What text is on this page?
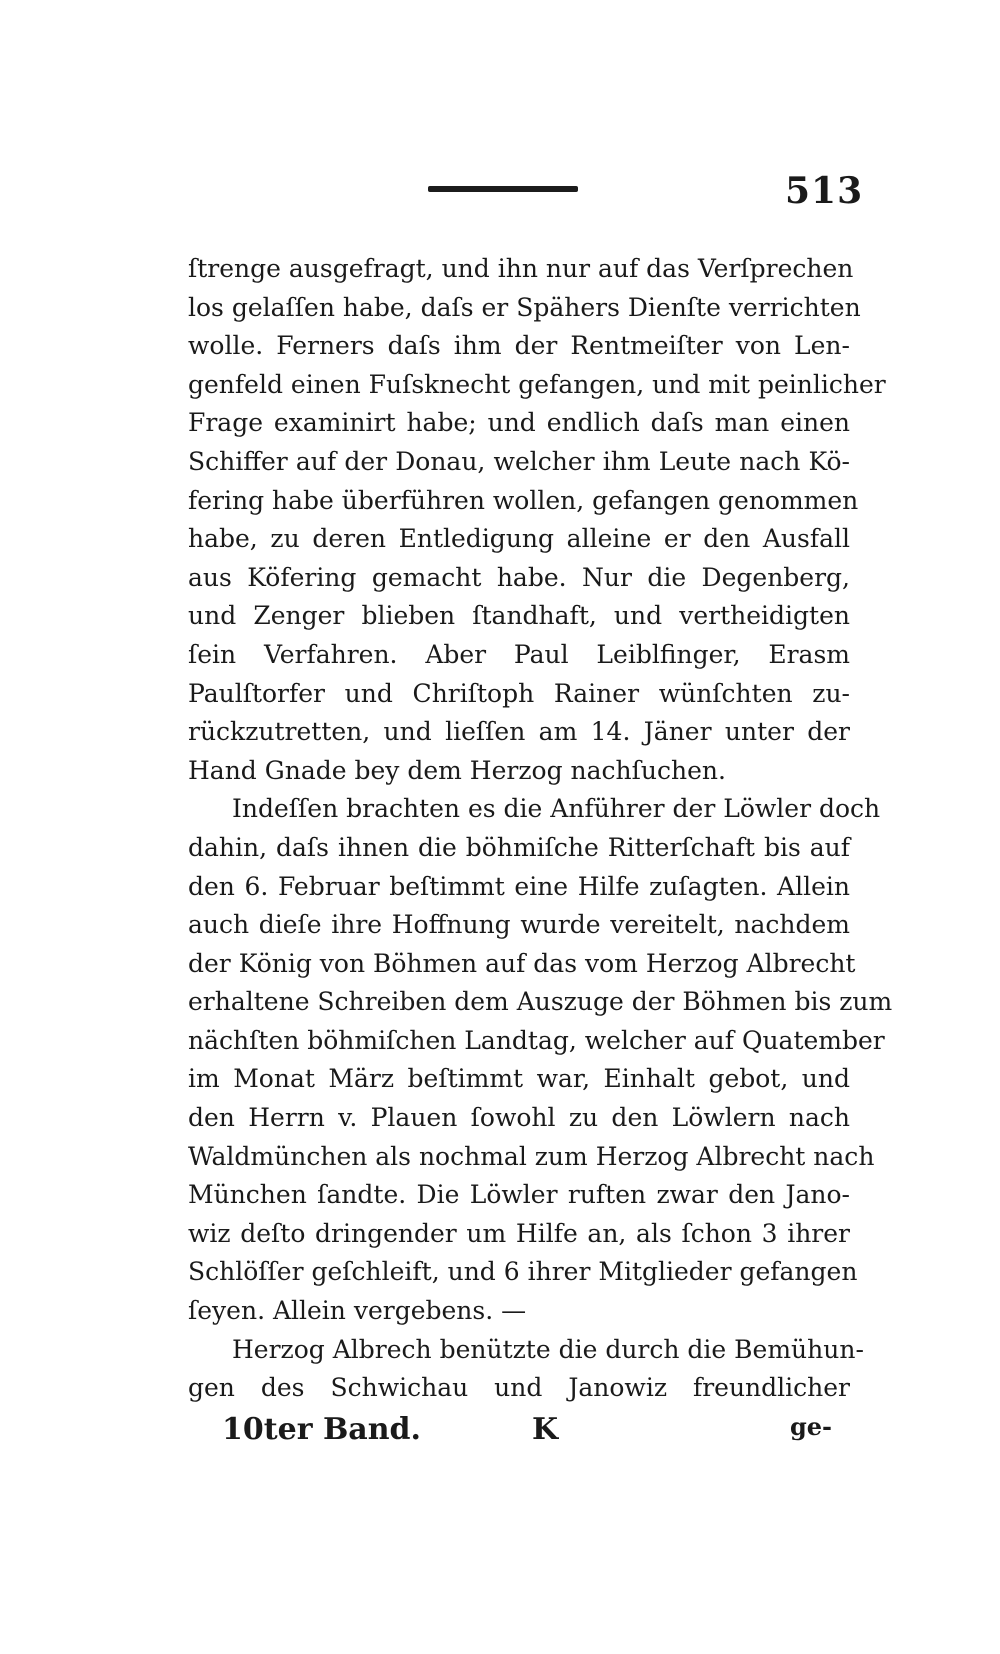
513
ſtrenge ausgefragt, und ihn nur auf das Verſprechen
los gelaſſen habe, daſs er Spähers Dienſte verrichten
wolle. Ferners daſs ihm der Rentmeiſter von Len-
genfeld einen Fuſsknecht gefangen, und mit peinlicher
Frage examinirt habe; und endlich daſs man einen
Schiffer auf der Donau, welcher ihm Leute nach Kö-
fering habe überführen wollen, gefangen genommen
habe, zu deren Entledigung alleine er den Ausfall
aus Köfering gemacht habe. Nur die Degenberg,
und Zenger blieben ſtandhaft, und vertheidigten
ſein Verfahren. Aber Paul Leiblfinger, Erasm
Paulſtorfer und Chriſtoph Rainer wünſchten zu-
rückzutretten, und lieſſen am 14. Jäner unter der
Hand Gnade bey dem Herzog nachſuchen.
Indeſſen brachten es die Anführer der Löwler doch
dahin, daſs ihnen die böhmiſche Ritterſchaft bis auf
den 6. Februar beſtimmt eine Hilfe zuſagten. Allein
auch dieſe ihre Hoffnung wurde vereitelt, nachdem
der König von Böhmen auf das vom Herzog Albrecht
erhaltene Schreiben dem Auszuge der Böhmen bis zum
nächſten böhmiſchen Landtag, welcher auf Quatember
im Monat März beſtimmt war, Einhalt gebot, und
den Herrn v. Plauen ſowohl zu den Löwlern nach
Waldmünchen als nochmal zum Herzog Albrecht nach
München ſandte. Die Löwler ruften zwar den Jano-
wiz deſto dringender um Hilfe an, als ſchon 3 ihrer
Schlöſſer geſchleift, und 6 ihrer Mitglieder gefangen
ſeyen. Allein vergebens. —
Herzog Albrech benützte die durch die Bemühun-
gen des Schwichau und Janowiz freundlicher
10ter Band.	K	ge-
